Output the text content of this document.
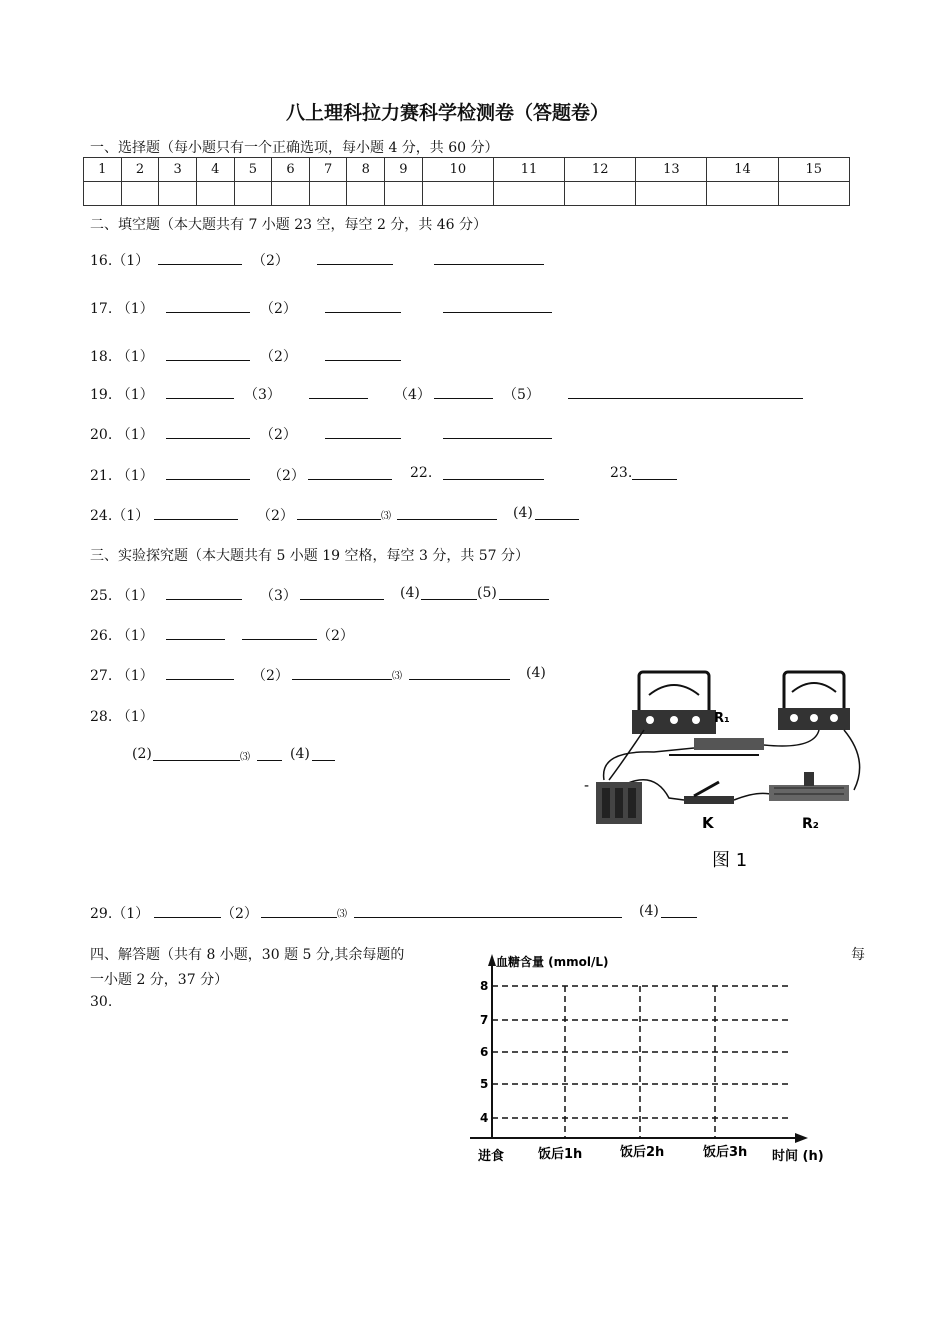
八上理科拉力赛科学检测卷（答题卷）
一、选择题（每小题只有一个正确选项，每小题 4 分，共 60 分）
1	2	3	4	5	6	7	8	9	10	11	12	13	14	15

二、填空题（本大题共有 7 小题 23 空，每空 2 分，共 46 分）
16.（1）	（2）
17. （1）	（2）
18. （1）	（2）
19. （1）	（3）	（4）	（5）
20. （1）	（2）
21. （1）	（2）	22.	23.
24.（1）	（2）	⑶	(4)
三、实验探究题（本大题共有 5 小题 19 空格，每空 3 分，共 57 分）
25. （1）	（3）	(4)	(5)
26. （1）	（2）
27. （1）	（2）	⑶	(4)
28. （1）
(2)	⑶	(4)
R₁
-
K	R₂
图 1
29.（1）	（2）	⑶	(4)
四、解答题（共有 8 小题，30 题 5 分,其余每题的	每
一小题 2 分，37 分）
30.
血糖含量 (mmol/L)
8
7
6
5
4
进食	饭后1h	饭后2h	饭后3h 时间 (h)
